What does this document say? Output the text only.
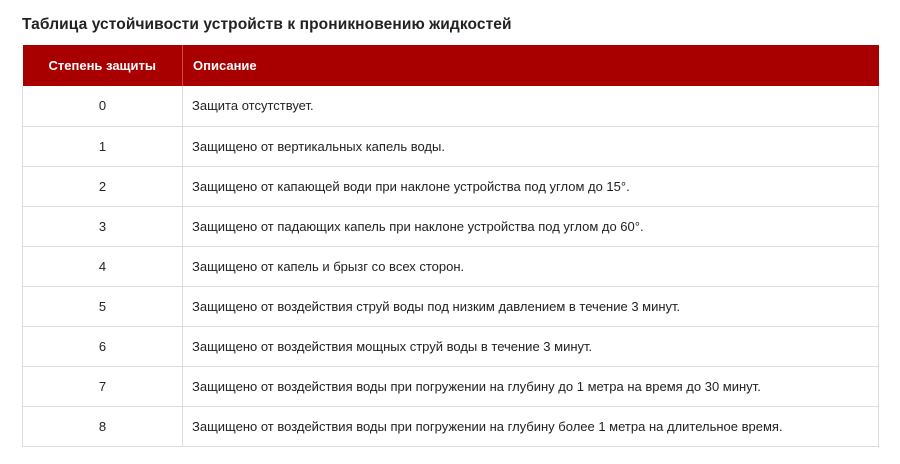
Таблица устойчивости устройств к проникновению жидкостей
Степень защиты	Описание
0	Защита отсутствует.
1	Защищено от вертикальных капель воды.
2	Защищено от капающей води при наклоне устройства под углом до 15°.
3	Защищено от падающих капель при наклоне устройства под углом до 60°.
4	Защищено от капель и брызг со всех сторон.
5	Защищено от воздействия струй воды под низким давлением в течение 3 минут.
6	Защищено от воздействия мощных струй воды в течение 3 минут.
7	Защищено от воздействия воды при погружении на глубину до 1 метра на время до 30 минут.
8	Защищено от воздействия воды при погружении на глубину более 1 метра на длительное время.
